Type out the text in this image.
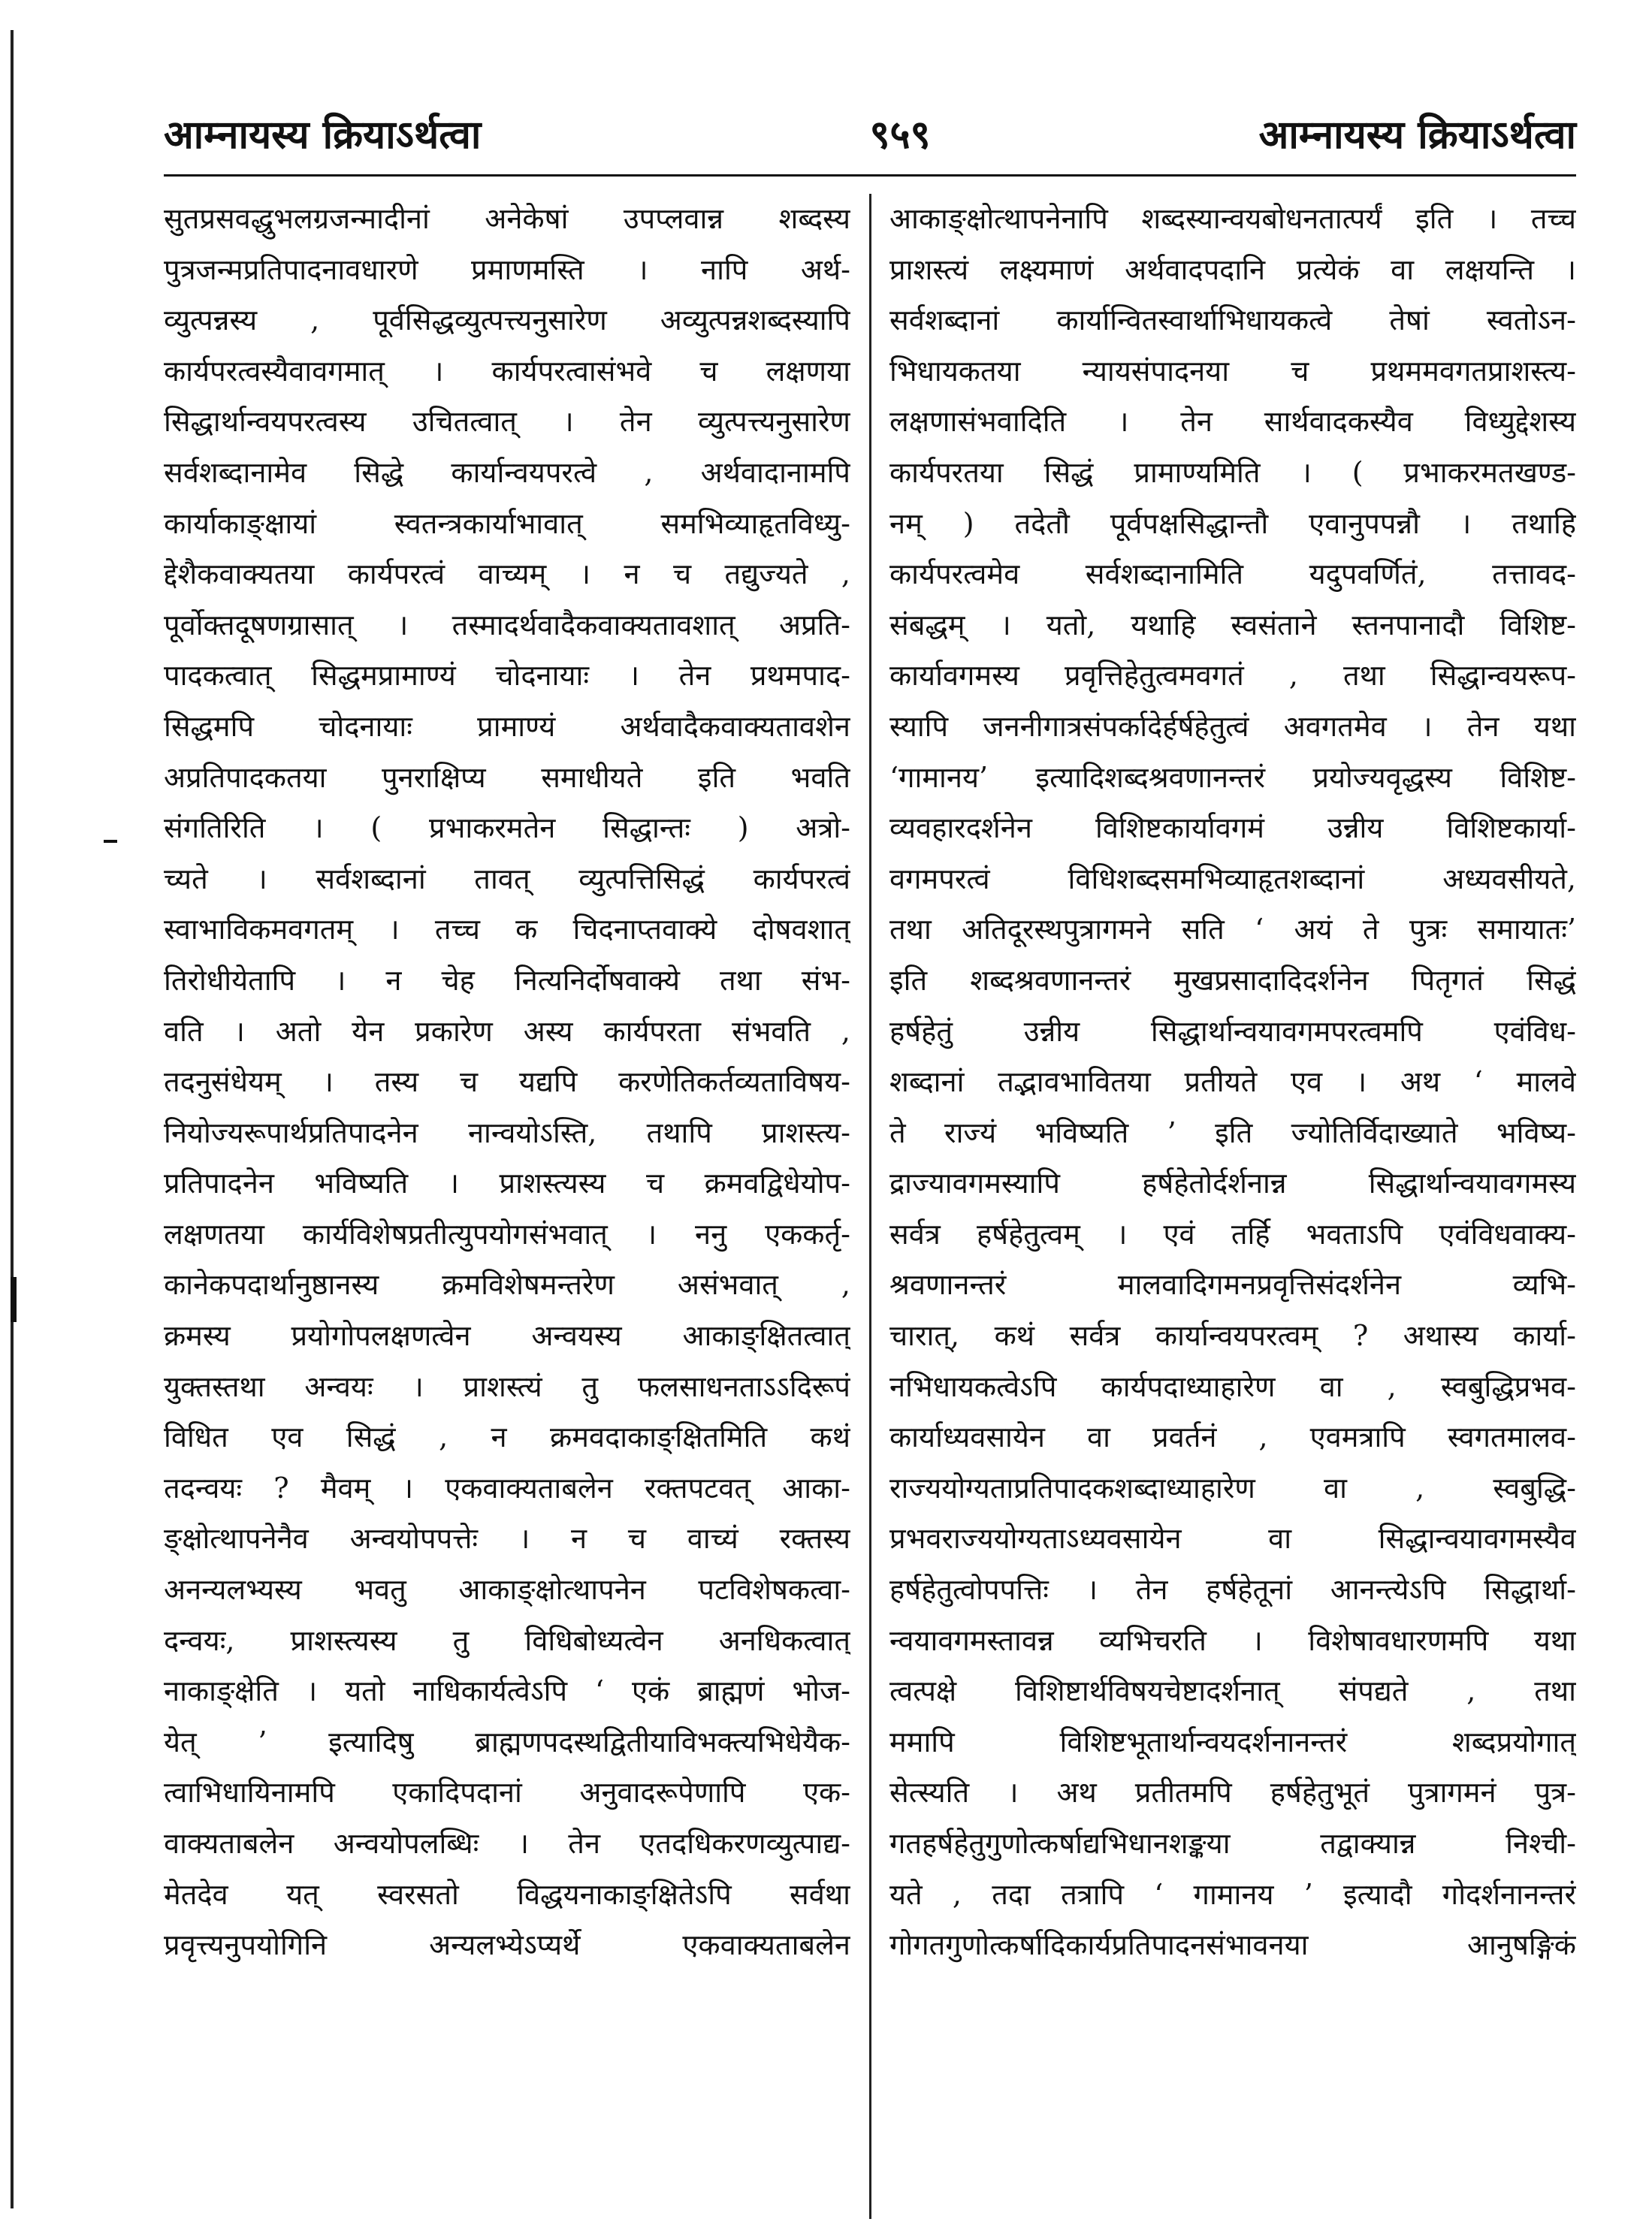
आम्नायस्य क्रियाऽर्थत्वा	९५९	आम्नायस्य क्रियाऽर्थत्वा
सुतप्रसवद्धुभलग्रजन्मादीनां अनेकेषां उपप्लवान्न शब्दस्य
पुत्रजन्मप्रतिपादनावधारणे प्रमाणमस्ति । नापि अर्थ-
व्युत्पन्नस्य , पूर्वसिद्धव्युत्पत्त्यनुसारेण अव्युत्पन्नशब्दस्यापि
कार्यपरत्वस्यैवावगमात् । कार्यपरत्वासंभवे च लक्षणया
सिद्धार्थान्वयपरत्वस्य उचितत्वात् । तेन व्युत्पत्त्यनुसारेण
सर्वशब्दानामेव सिद्धे कार्यान्वयपरत्वे , अर्थवादानामपि
कार्याकाङ्क्षायां स्वतन्त्रकार्याभावात् समभिव्याहृतविध्यु-
द्देशैकवाक्यतया कार्यपरत्वं वाच्यम् । न च तद्युज्यते ,
पूर्वोक्तदूषणग्रासात् । तस्मादर्थवादैकवाक्यतावशात् अप्रति-
पादकत्वात् सिद्धमप्रामाण्यं चोदनायाः । तेन प्रथमपाद-
सिद्धमपि चोदनायाः प्रामाण्यं अर्थवादैकवाक्यतावशेन
अप्रतिपादकतया पुनराक्षिप्य समाधीयते इति भवति
संगतिरिति । ( प्रभाकरमतेन सिद्धान्तः ) अत्रो-
च्यते । सर्वशब्दानां तावत् व्युत्पत्तिसिद्धं कार्यपरत्वं
स्वाभाविकमवगतम् । तच्च क चिदनाप्तवाक्ये दोषवशात्
तिरोधीयेतापि । न चेह नित्यनिर्दोषवाक्ये तथा संभ-
वति । अतो येन प्रकारेण अस्य कार्यपरता संभवति ,
तदनुसंधेयम् । तस्य च यद्यपि करणेतिकर्तव्यताविषय-
नियोज्यरूपार्थप्रतिपादनेन नान्वयोऽस्ति, तथापि प्राशस्त्य-
प्रतिपादनेन भविष्यति । प्राशस्त्यस्य च क्रमवद्विधेयोप-
लक्षणतया कार्यविशेषप्रतीत्युपयोगसंभवात् । ननु एककर्तृ-
कानेकपदार्थानुष्ठानस्य क्रमविशेषमन्तरेण असंभवात् ,
क्रमस्य प्रयोगोपलक्षणत्वेन अन्वयस्य आकाङ्क्षितत्वात्
युक्तस्तथा अन्वयः । प्राशस्त्यं तु फलसाधनताऽऽदिरूपं
विधित एव सिद्धं , न क्रमवदाकाङ्क्षितमिति कथं
तदन्वयः ? मैवम् । एकवाक्यताबलेन रक्तपटवत् आका-
ङ्क्षोत्थापनेनैव अन्वयोपपत्तेः । न च वाच्यं रक्तस्य
अनन्यलभ्यस्य भवतु आकाङ्क्षोत्थापनेन पटविशेषकत्वा-
दन्वयः, प्राशस्त्यस्य तु विधिबोध्यत्वेन अनधिकत्वात्
नाकाङ्क्षेति । यतो नाधिकार्यत्वेऽपि ‘ एकं ब्राह्मणं भोज-
येत् ’ इत्यादिषु ब्राह्मणपदस्थद्वितीयाविभक्त्यभिधेयैक-
त्वाभिधायिनामपि एकादिपदानां अनुवादरूपेणापि एक-
वाक्यताबलेन अन्वयोपलब्धिः । तेन एतदधिकरणव्युत्पाद्य-
मेतदेव यत् स्वरसतो विद्धयनाकाङ्क्षितेऽपि सर्वथा
प्रवृत्त्यनुपयोगिनि अन्यलभ्येऽप्यर्थे एकवाक्यताबलेन
आकाङ्क्षोत्थापनेनापि शब्दस्यान्वयबोधनतात्पर्यं इति । तच्च
प्राशस्त्यं लक्ष्यमाणं अर्थवादपदानि प्रत्येकं वा लक्षयन्ति ।
सर्वशब्दानां कार्यान्वितस्वार्थाभिधायकत्वे तेषां स्वतोऽन-
भिधायकतया न्यायसंपादनया च प्रथममवगतप्राशस्त्य-
लक्षणासंभवादिति । तेन सार्थवादकस्यैव विध्युद्देशस्य
कार्यपरतया सिद्धं प्रामाण्यमिति । ( प्रभाकरमतखण्ड-
नम् ) तदेतौ पूर्वपक्षसिद्धान्तौ एवानुपपन्नौ । तथाहि
कार्यपरत्वमेव सर्वशब्दानामिति यदुपवर्णितं, तत्तावद-
संबद्धम् । यतो, यथाहि स्वसंताने स्तनपानादौ विशिष्ट-
कार्यावगमस्य प्रवृत्तिहेतुत्वमवगतं , तथा सिद्धान्वयरूप-
स्यापि जननीगात्रसंपर्कादेर्हर्षहेतुत्वं अवगतमेव । तेन यथा
‘गामानय’ इत्यादिशब्दश्रवणानन्तरं प्रयोज्यवृद्धस्य विशिष्ट-
व्यवहारदर्शनेन विशिष्टकार्यावगमं उन्नीय विशिष्टकार्या-
वगमपरत्वं विधिशब्दसमभिव्याहृतशब्दानां अध्यवसीयते,
तथा अतिदूरस्थपुत्रागमने सति ‘ अयं ते पुत्रः समायातः’
इति शब्दश्रवणानन्तरं मुखप्रसादादिदर्शनेन पितृगतं सिद्धं
हर्षहेतुं उन्नीय सिद्धार्थान्वयावगमपरत्वमपि एवंविध-
शब्दानां तद्भावभावितया प्रतीयते एव । अथ ‘ मालवे
ते राज्यं भविष्यति ’ इति ज्योतिर्विदाख्याते भविष्य-
द्राज्यावगमस्यापि हर्षहेतोर्दर्शनान्न सिद्धार्थान्वयावगमस्य
सर्वत्र हर्षहेतुत्वम् । एवं तर्हि भवताऽपि एवंविधवाक्य-
श्रवणानन्तरं मालवादिगमनप्रवृत्तिसंदर्शनेन व्यभि-
चारात्, कथं सर्वत्र कार्यान्वयपरत्वम् ? अथास्य कार्या-
नभिधायकत्वेऽपि कार्यपदाध्याहारेण वा , स्वबुद्धिप्रभव-
कार्याध्यवसायेन वा प्रवर्तनं , एवमत्रापि स्वगतमालव-
राज्ययोग्यताप्रतिपादकशब्दाध्याहारेण वा , स्वबुद्धि-
प्रभवराज्ययोग्यताऽध्यवसायेन वा सिद्धान्वयावगमस्यैव
हर्षहेतुत्वोपपत्तिः । तेन हर्षहेतूनां आनन्त्येऽपि सिद्धार्था-
न्वयावगमस्तावन्न व्यभिचरति । विशेषावधारणमपि यथा
त्वत्पक्षे विशिष्टार्थविषयचेष्टादर्शनात् संपद्यते , तथा
ममापि विशिष्टभूतार्थान्वयदर्शनानन्तरं शब्दप्रयोगात्
सेत्स्यति । अथ प्रतीतमपि हर्षहेतुभूतं पुत्रागमनं पुत्र-
गतहर्षहेतुगुणोत्कर्षाद्यभिधानशङ्कया तद्वाक्यान्न निश्ची-
यते , तदा तत्रापि ‘ गामानय ’ इत्यादौ गोदर्शनानन्तरं
गोगतगुणोत्कर्षादिकार्यप्रतिपादनसंभावनया आनुषङ्गिकं
